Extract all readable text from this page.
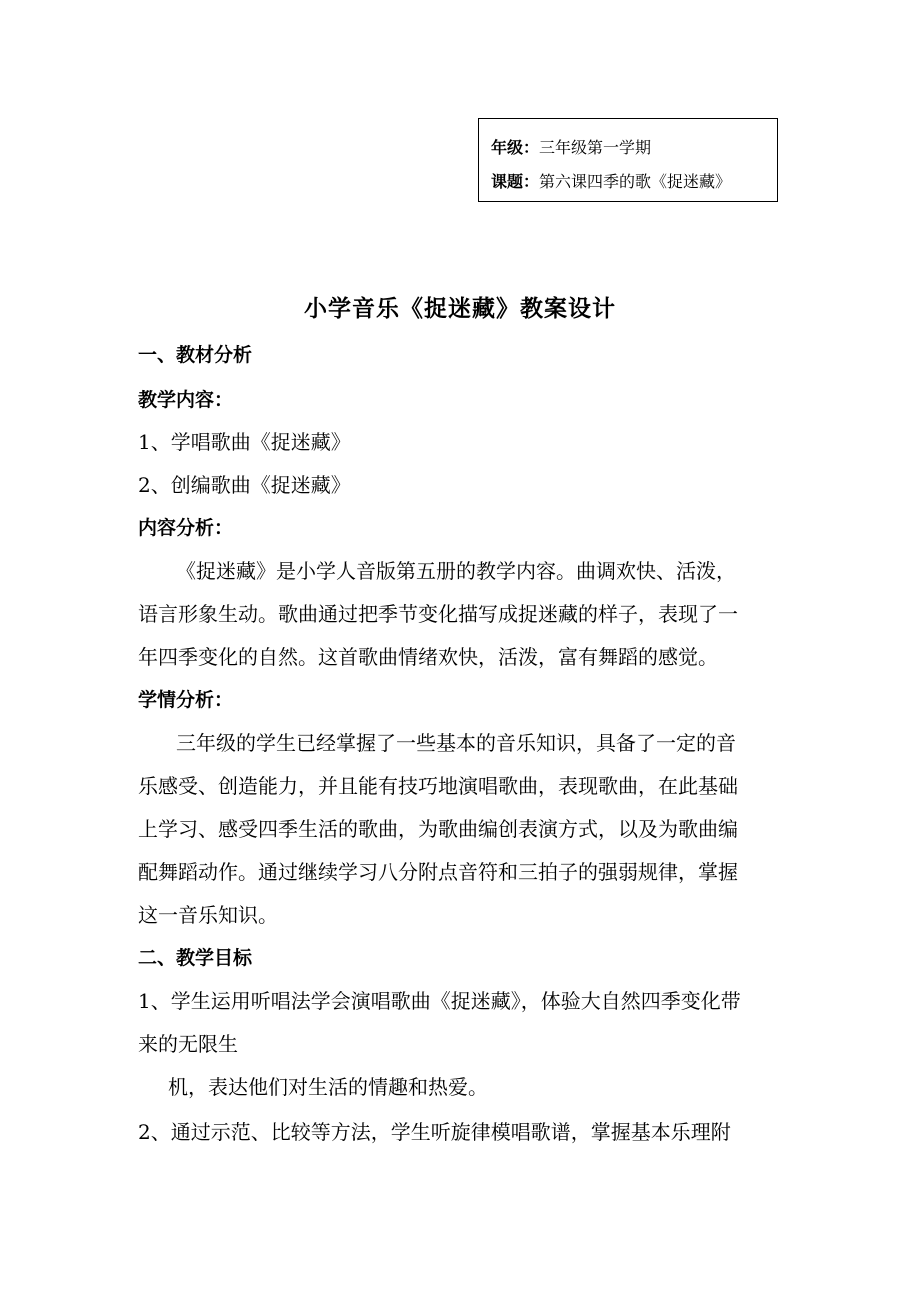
年级：三年级第一学期
课题：第六课四季的歌《捉迷藏》
小学音乐《捉迷藏》教案设计
一、教材分析
教学内容：
1、学唱歌曲《捉迷藏》
2、创编歌曲《捉迷藏》
内容分析：
《捉迷藏》是小学人音版第五册的教学内容。曲调欢快、活泼，
语言形象生动。歌曲通过把季节变化描写成捉迷藏的样子，表现了一
年四季变化的自然。这首歌曲情绪欢快，活泼，富有舞蹈的感觉。
学情分析：
三年级的学生已经掌握了一些基本的音乐知识，具备了一定的音
乐感受、创造能力，并且能有技巧地演唱歌曲，表现歌曲，在此基础
上学习、感受四季生活的歌曲，为歌曲编创表演方式，以及为歌曲编
配舞蹈动作。通过继续学习八分附点音符和三拍子的强弱规律，掌握
这一音乐知识。
二、教学目标
1、学生运用听唱法学会演唱歌曲《捉迷藏》，体验大自然四季变化带
来的无限生
机，表达他们对生活的情趣和热爱。
2、通过示范、比较等方法，学生听旋律模唱歌谱，掌握基本乐理附
